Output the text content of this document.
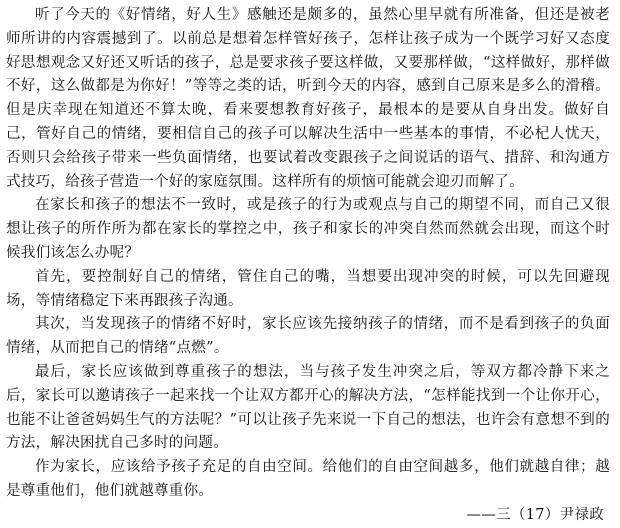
听了今天的《好情绪，好人生》感触还是颇多的，虽然心里早就有所准备，但还是被老师所讲的内容震撼到了。以前总是想着怎样管好孩子，怎样让孩子成为一个既学习好又态度好思想观念又好还又听话的孩子，总是要求孩子要这样做，又要那样做，“这样做好，那样做不好，这么做都是为你好！”等等之类的话，听到今天的内容，感到自己原来是多么的滑稽。但是庆幸现在知道还不算太晚，看来要想教育好孩子，最根本的是要从自身出发。做好自己，管好自己的情绪，要相信自己的孩子可以解决生活中一些基本的事情，不必杞人忧天，否则只会给孩子带来一些负面情绪，也要试着改变跟孩子之间说话的语气、措辞、和沟通方式技巧，给孩子营造一个好的家庭氛围。这样所有的烦恼可能就会迎刃而解了。

在家长和孩子的想法不一致时，或是孩子的行为或观点与自己的期望不同，而自己又很想让孩子的所作所为都在家长的掌控之中，孩子和家长的冲突自然而然就会出现，而这个时候我们该怎么办呢？

首先，要控制好自己的情绪，管住自己的嘴，当想要出现冲突的时候，可以先回避现场，等情绪稳定下来再跟孩子沟通。

其次，当发现孩子的情绪不好时，家长应该先接纳孩子的情绪，而不是看到孩子的负面情绪，从而把自己的情绪“点燃”。

最后，家长应该做到尊重孩子的想法，当与孩子发生冲突之后，等双方都冷静下来之后，家长可以邀请孩子一起来找一个让双方都开心的解决方法，“怎样能找到一个让你开心，也能不让爸爸妈妈生气的方法呢？”可以让孩子先来说一下自己的想法，也许会有意想不到的方法，解决困扰自己多时的问题。

作为家长，应该给予孩子充足的自由空间。给他们的自由空间越多，他们就越自律；越是尊重他们，他们就越尊重你。

——三（17）尹禄政
